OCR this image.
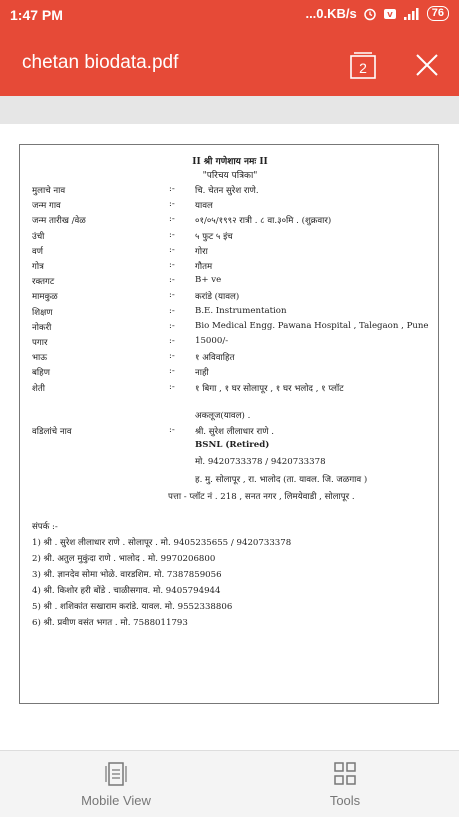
1:47 PM	...0.KB/s	V	76
chetan biodata.pdf	2
II श्री गणेशाय नमः II
"परिचय पत्रिका"
मुलाचे नाव	:- चि. चेतन सुरेश राणे.
जन्म गाव	:- यावल
जन्म तारीख /वेळ	:- ०१/०५/१९९२ रात्री . ८ वा.३०मि . (शुक्रवार)
उंची	:- ५ फुट ५ इंच
वर्ण	:- गोरा
गोत्र	:- गौतम
रक्तगट	:- B+ ve
मामकुळ	:- करांडे (यावल)
शिक्षण	:- B.E. Instrumentation
नोकरी	:- Bio Medical Engg. Pawana Hospital , Talegaon , Pune
पगार	:- 15000/-
भाऊ	:- १ अविवाहित
बहिण	:- नाही
शेती	:- १ बिगा , १ घर सोलापूर , १ घर भलोद , १ प्लॉट
अकलूज(यावल) .
वडिलांचे नाव	:- श्री. सुरेश लीलाधार राणे .
BSNL (Retired)
मो. 9420733378 / 9420733378
ह. मु. सोलापूर , रा. भालोद (ता. यावल. जि. जळगाव )
पत्ता - प्लॉट नं . 218 , सनत नगर , लिमयेवाडी , सोलापूर .
संपर्क :-
1) श्री . सुरेश लीलाधार राणे . सोलापूर . मो. 9405235655 / 9420733378
2) श्री. अतुल मुकुंदा राणे . भालोद . मो. 9970206800
3) श्री. ज्ञानदेव सोमा भोळे. वारडशिम. मो. 7387859056
4) श्री. किशोर हरी बोंडे . चाळीसगाव. मो. 9405794944
5) श्री . शशिकांत सखाराम करांडे. यावल. मो. 9552338806
6) श्री. प्रवीण वसंत भगत . मो. 7588011793
Mobile View	Tools
